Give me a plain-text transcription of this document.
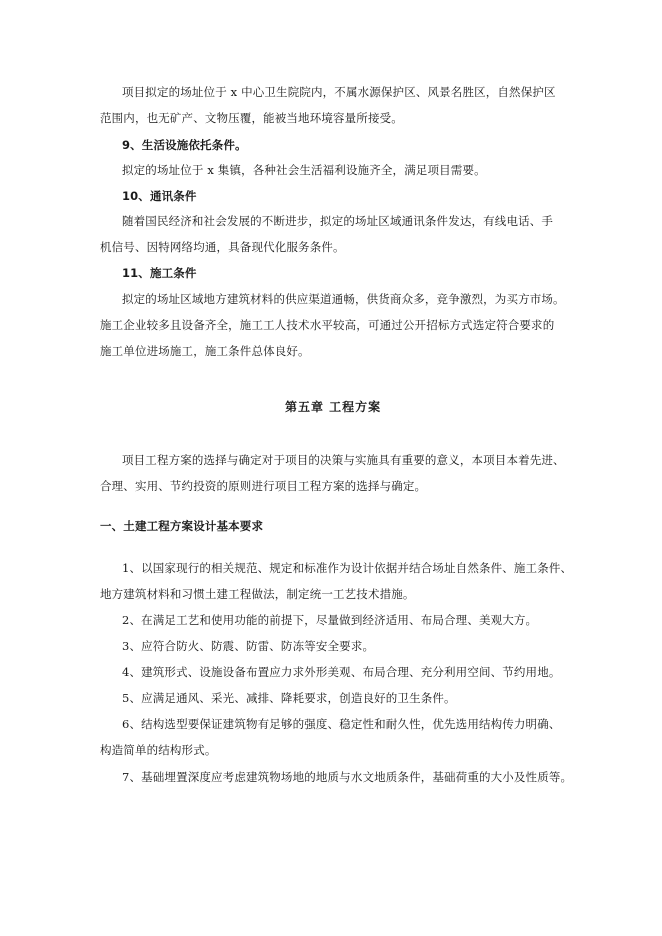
项目拟定的场址位于 x 中心卫生院院内，不属水源保护区、风景名胜区，自然保护区
范围内，也无矿产、文物压覆，能被当地环境容量所接受。
9、生活设施依托条件。
拟定的场址位于 x 集镇，各种社会生活福利设施齐全，满足项目需要。
10、通讯条件
随着国民经济和社会发展的不断进步，拟定的场址区域通讯条件发达，有线电话、手
机信号、因特网络均通，具备现代化服务条件。
11、施工条件
拟定的场址区域地方建筑材料的供应渠道通畅，供货商众多，竞争激烈，为买方市场。
施工企业较多且设备齐全，施工工人技术水平较高，可通过公开招标方式选定符合要求的
施工单位进场施工，施工条件总体良好。
第五章 工程方案
项目工程方案的选择与确定对于项目的决策与实施具有重要的意义，本项目本着先进、
合理、实用、节约投资的原则进行项目工程方案的选择与确定。
一、土建工程方案设计基本要求
1、以国家现行的相关规范、规定和标准作为设计依据并结合场址自然条件、施工条件、
地方建筑材料和习惯土建工程做法，制定统一工艺技术措施。
2、在满足工艺和使用功能的前提下，尽量做到经济适用、布局合理、美观大方。
3、应符合防火、防震、防雷、防冻等安全要求。
4、建筑形式、设施设备布置应力求外形美观、布局合理、充分利用空间、节约用地。
5、应满足通风、采光、减排、降耗要求，创造良好的卫生条件。
6、结构选型要保证建筑物有足够的强度、稳定性和耐久性，优先选用结构传力明确、
构造简单的结构形式。
7、基础埋置深度应考虑建筑物场地的地质与水文地质条件，基础荷重的大小及性质等。
